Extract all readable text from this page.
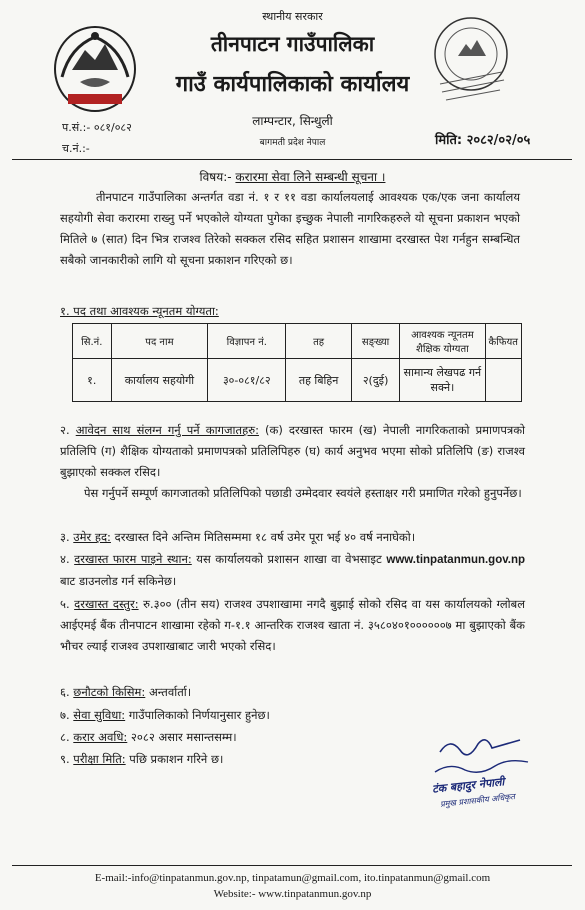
स्थानीय सरकार
तीनपाटन गाउँपालिका
गाउँ कार्यपालिकाको कार्यालय
लाम्पन्टार, सिन्धुली
बागमती प्रदेश नेपाल
प.सं.:- ०८१/०८२
च.नं.:-
मिति: २०८२/०२/०५
विषय:- करारमा सेवा लिने सम्बन्धी सूचना ।

तीनपाटन गाउँपालिका अन्तर्गत वडा नं. १ र ११ वडा कार्यालयलाई आवश्यक एक/एक जना कार्यालय सहयोगी सेवा करारमा राख्नु पर्ने भएकोले योग्यता पुगेका इच्छुक नेपाली नागरिकहरुले यो सूचना प्रकाशन भएको मितिले ७ (सात) दिन भित्र राजश्व तिरेको सक्कल रसिद सहित प्रशासन शाखामा दरखास्त पेश गर्नहुन सम्बन्धित सबैको जानकारीको लागि यो सूचना प्रकाशन गरिएको छ।

१. पद तथा आवश्यक न्यूनतम योग्यता:
सि.नं.	पद नाम	विज्ञापन नं.	तह	सङ्ख्या	आवश्यक न्यूनतम शैक्षिक योग्यता	कैफियत
१.	कार्यालय सहयोगी	३०-०८१/८२	तह बिहिन	२(दुई)	सामान्य लेखपढ गर्न सक्ने।	
२. आवेदन साथ संलग्न गर्नु पर्ने कागजातहरु: (क) दरखास्त फारम (ख) नेपाली नागरिकताको प्रमाणपत्रको प्रतिलिपि (ग) शैक्षिक योग्यताको प्रमाणपत्रको प्रतिलिपिहरु (घ) कार्य अनुभव भएमा सोको प्रतिलिपि (ङ) राजश्व बुझाएको सक्कल रसिद।
पेस गर्नुपर्ने सम्पूर्ण कागजातको प्रतिलिपिको पछाडी उम्मेदवार स्वयंले हस्ताक्षर गरी प्रमाणित गरेको हुनुपर्नेछ।
३. उमेर हद: दरखास्त दिने अन्तिम मितिसम्ममा १८ वर्ष उमेर पूरा भई ४० वर्ष ननाघेको।
४. दरखास्त फारम पाइने स्थान: यस कार्यालयको प्रशासन शाखा वा वेभसाइट www.tinpatanmun.gov.np बाट डाउनलोड गर्न सकिनेछ।
५. दरखास्त दस्तुर: रु.३०० (तीन सय) राजश्व उपशाखामा नगदै बुझाई सोको रसिद वा यस कार्यालयको ग्लोबल आईएमई बैंक तीनपाटन शाखामा रहेको ग-१.१ आन्तरिक राजश्व खाता नं. ३५८०४०१००००००७ मा बुझाएको बैंक भौचर ल्याई राजश्व उपशाखाबाट जारी भएको रसिद।
६. छनौटको किसिम: अन्तर्वार्ता।
७. सेवा सुविधा: गाउँपालिकाको निर्णयानुसार हुनेछ।
८. करार अवधि: २०८२ असार मसान्तसम्म।
९. परीक्षा मिति: पछि प्रकाशन गरिने छ।
टंक बहादुर नेपाली
प्रमुख प्रशासकीय अधिकृत
E-mail:-info@tinpatanmun.gov.np, tinpatamun@gmail.com, ito.tinpatanmun@gmail.com
Website:- www.tinpatanmun.gov.np
